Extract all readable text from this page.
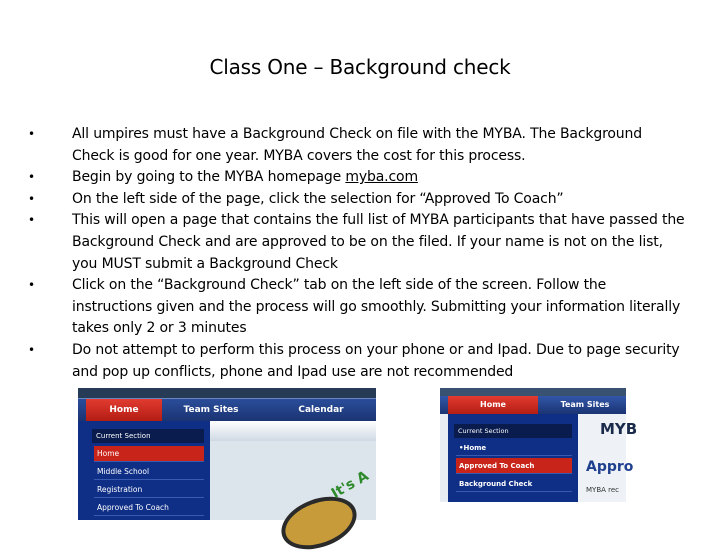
Class One – Background check
•	All umpires must have a Background Check on file with the MYBA. The Background Check is good for one year. MYBA covers the cost for this process.
•	Begin by going to the MYBA homepage myba.com
•	On the left side of the page, click the selection for “Approved To Coach”
•	This will open a page that contains the full list of MYBA participants that have passed the Background Check and are approved to be on the filed. If your name is not on the list, you MUST submit a Background Check
•	Click on the “Background Check” tab on the left side of the screen. Follow the instructions given and the process will go smoothly. Submitting your information literally takes only 2 or 3 minutes
•	Do not attempt to perform this process on your phone or and Ipad. Due to page security and pop up conflicts, phone and Ipad use are not recommended
Home	Team Sites	Calendar
Current Section
Home
Middle School
Registration
Approved To Coach
It's A
Home	Team Sites
Current Section
•Home
Approved To Coach
Background Check
MYB
Appro
MYBA rec
